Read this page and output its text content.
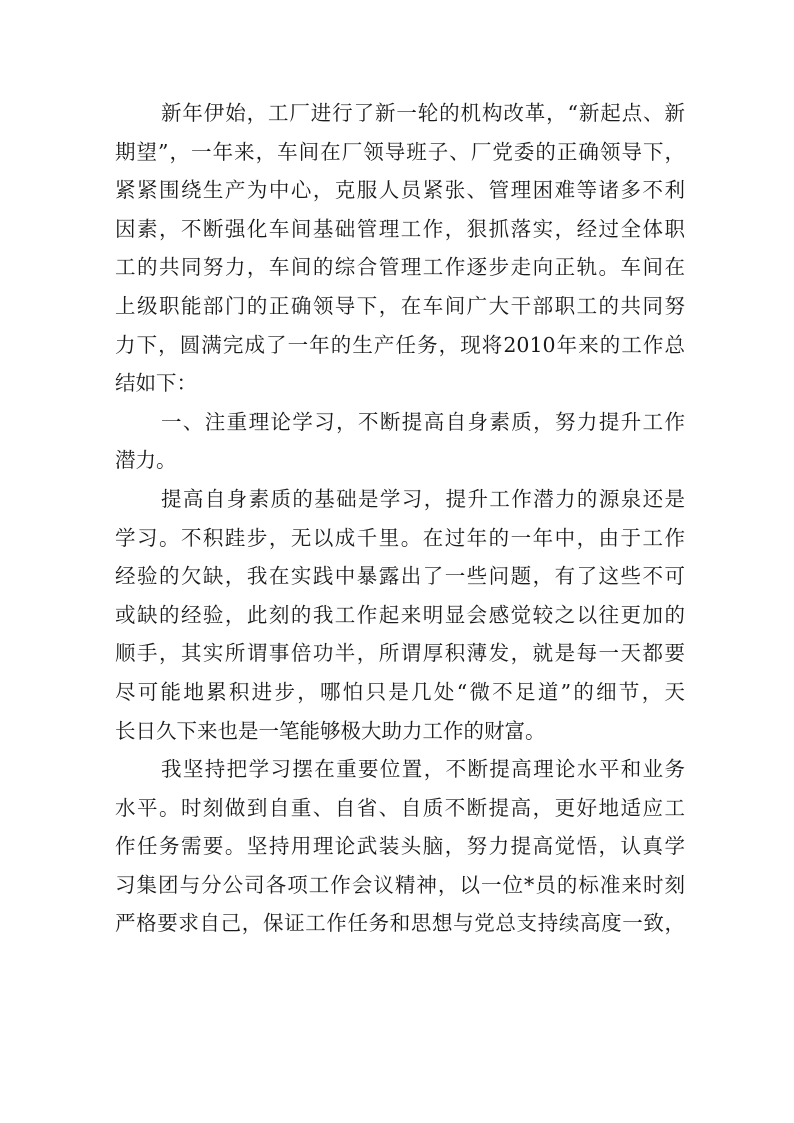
新年伊始，工厂进行了新一轮的机构改革，“新起点、新
期望”，一年来，车间在厂领导班子、厂党委的正确领导下，
紧紧围绕生产为中心，克服人员紧张、管理困难等诸多不利
因素，不断强化车间基础管理工作，狠抓落实，经过全体职
工的共同努力，车间的综合管理工作逐步走向正轨。车间在
上级职能部门的正确领导下，在车间广大干部职工的共同努
力下，圆满完成了一年的生产任务，现将2010年来的工作总
结如下：
一、注重理论学习，不断提高自身素质，努力提升工作
潜力。
提高自身素质的基础是学习，提升工作潜力的源泉还是
学习。不积跬步，无以成千里。在过年的一年中，由于工作
经验的欠缺，我在实践中暴露出了一些问题，有了这些不可
或缺的经验，此刻的我工作起来明显会感觉较之以往更加的
顺手，其实所谓事倍功半，所谓厚积薄发，就是每一天都要
尽可能地累积进步，哪怕只是几处“微不足道”的细节，天
长日久下来也是一笔能够极大助力工作的财富。
我坚持把学习摆在重要位置，不断提高理论水平和业务
水平。时刻做到自重、自省、自质不断提高，更好地适应工
作任务需要。坚持用理论武装头脑，努力提高觉悟，认真学
习集团与分公司各项工作会议精神，以一位*员的标准来时刻
严格要求自己，保证工作任务和思想与党总支持续高度一致，
